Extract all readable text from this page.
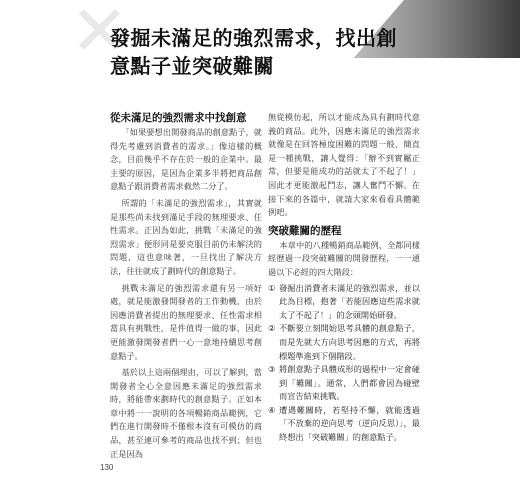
✕
發掘未滿足的強烈需求，找出創意點子並突破難關
從未滿足的強烈需求中找創意

「如果要想出開發商品的創意點子，就得先考慮到消費者的需求。」像這樣的概念，目前幾乎不存在於一般的企業中。最主要的原因，是因為企業多半將把商品創意點子跟消費者需求截然二分了。

所謂的「未滿足的強烈需求」，其實就是那些尚未找到滿足手段的無理要求、任性需求。正因為如此，挑戰「未滿足的強烈需求」便形同是要克服目前仍未解決的問題，這也意味著，一旦找出了解決方法，往往就成了劃時代的創意點子。

挑戰未滿足的強烈需求還有另一項好處，就是能激發開發者的工作動機，由於因應消費者提出的無理要求、任性需求相當具有挑戰性，是件值得一做的事，因此更能激發開發者們一心一意地持續思考創意點子。

基於以上這兩個理由，可以了解到，當開發者全心全意因應未滿足的強烈需求時，將能帶來劃時代的創意點子。正如本章中將一一說明的各項暢銷商品範例，它們在進行開發時不僅根本沒有可模仿的商品，甚至連可參考的商品也找不到；但也正是因為

無從模仿起，所以才能成為具有劃時代意義的商品。此外，因應未滿足的強烈需求就像是在回答極度困難的問題一般，簡直是一種挑戰，讓人覺得：「辦不到實屬正常，但要是能成功的話就太了不起了！」因此才更能激起鬥志，讓人奮鬥不懈。在接下來的各篇中，就請大家來看看具體範例吧。

突破難關的歷程

本章中的八種暢銷商品範例，全都同樣經歷過一段突破難關的開發歷程，一一通過以下必經的四大階段：

① 發掘出消費者未滿足的強烈需求，並以此為目標，抱著「若能因應這些需求就太了不起了！」的念頭開始研發。
② 不斷要立刻開始思考具體的創意點子，而是先就大方向思考因應的方式，再將標題準進到下個階段。
③ 將創意點子具體成形的過程中一定會碰到「難關」。通常，人們都會因為碰壁而宣告結束挑戰。
④ 遭遇難關時，若堅持不懈，就能透過「不放棄的逆向思考（逆向反思）」，最終想出「突破難關」的創意點子。
130
